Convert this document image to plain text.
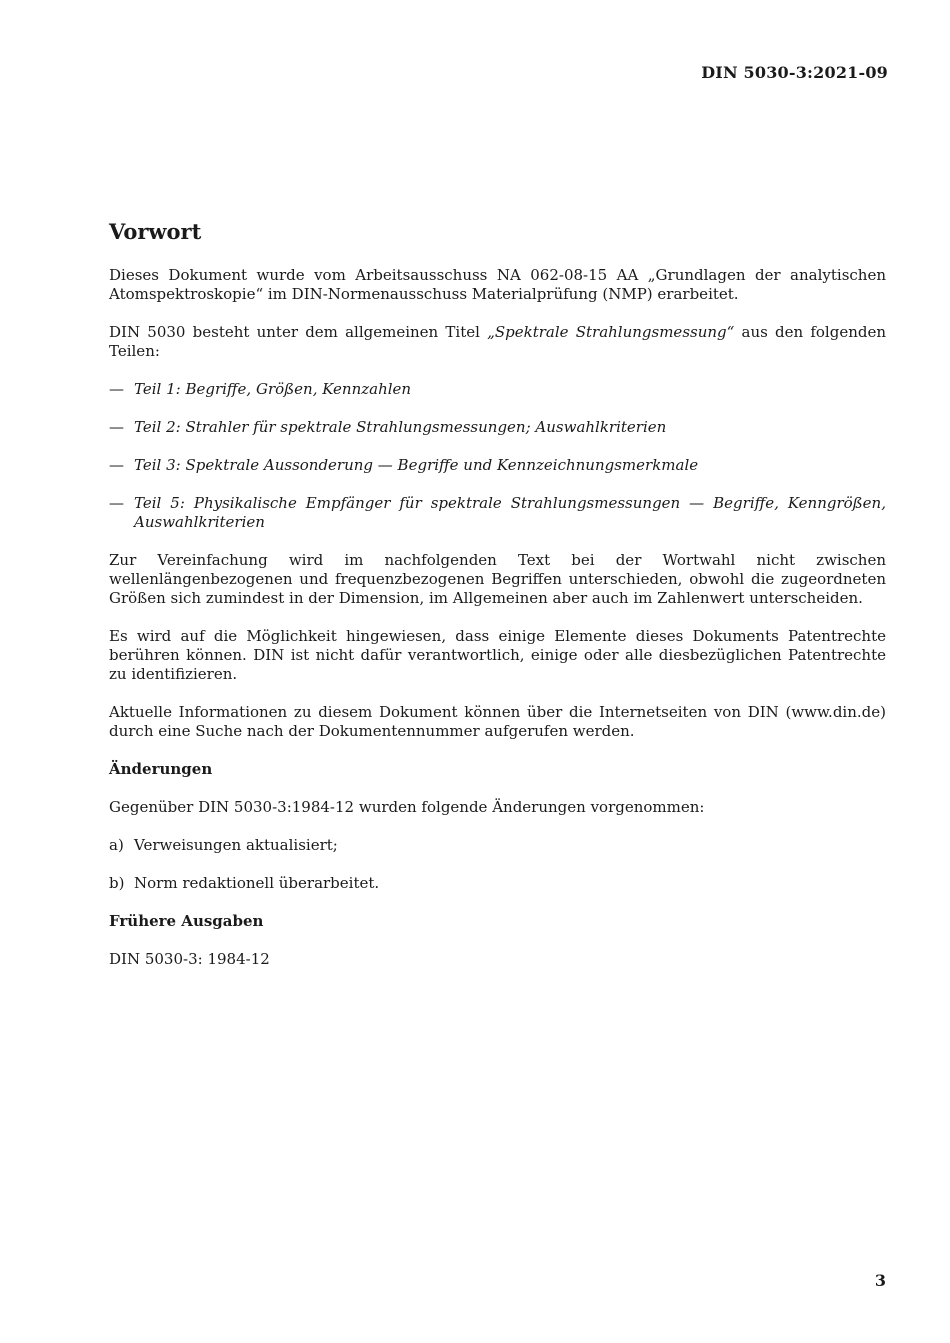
DIN 5030-3:2021-09
Vorwort

Dieses Dokument wurde vom Arbeitsausschuss NA 062-08-15 AA „Grundlagen der analytischen Atomspektroskopie“ im DIN-Normenausschuss Materialprüfung (NMP) erarbeitet.

DIN 5030 besteht unter dem allgemeinen Titel „Spektrale Strahlungsmessung“ aus den folgenden Teilen:

— Teil 1: Begriffe, Größen, Kennzahlen
— Teil 2: Strahler für spektrale Strahlungsmessungen; Auswahlkriterien
— Teil 3: Spektrale Aussonderung — Begriffe und Kennzeichnungsmerkmale
— Teil 5: Physikalische Empfänger für spektrale Strahlungsmessungen — Begriffe, Kenngrößen, Auswahlkriterien

Zur Vereinfachung wird im nachfolgenden Text bei der Wortwahl nicht zwischen wellenlängenbezogenen und frequenzbezogenen Begriffen unterschieden, obwohl die zugeordneten Größen sich zumindest in der Dimension, im Allgemeinen aber auch im Zahlenwert unterscheiden.

Es wird auf die Möglichkeit hingewiesen, dass einige Elemente dieses Dokuments Patentrechte berühren können. DIN ist nicht dafür verantwortlich, einige oder alle diesbezüglichen Patentrechte zu identifizieren.

Aktuelle Informationen zu diesem Dokument können über die Internetseiten von DIN (www.din.de) durch eine Suche nach der Dokumentennummer aufgerufen werden.

Änderungen

Gegenüber DIN 5030-3:1984-12 wurden folgende Änderungen vorgenommen:

a) Verweisungen aktualisiert;
b) Norm redaktionell überarbeitet.
Frühere Ausgaben

DIN 5030-3: 1984-12

3
